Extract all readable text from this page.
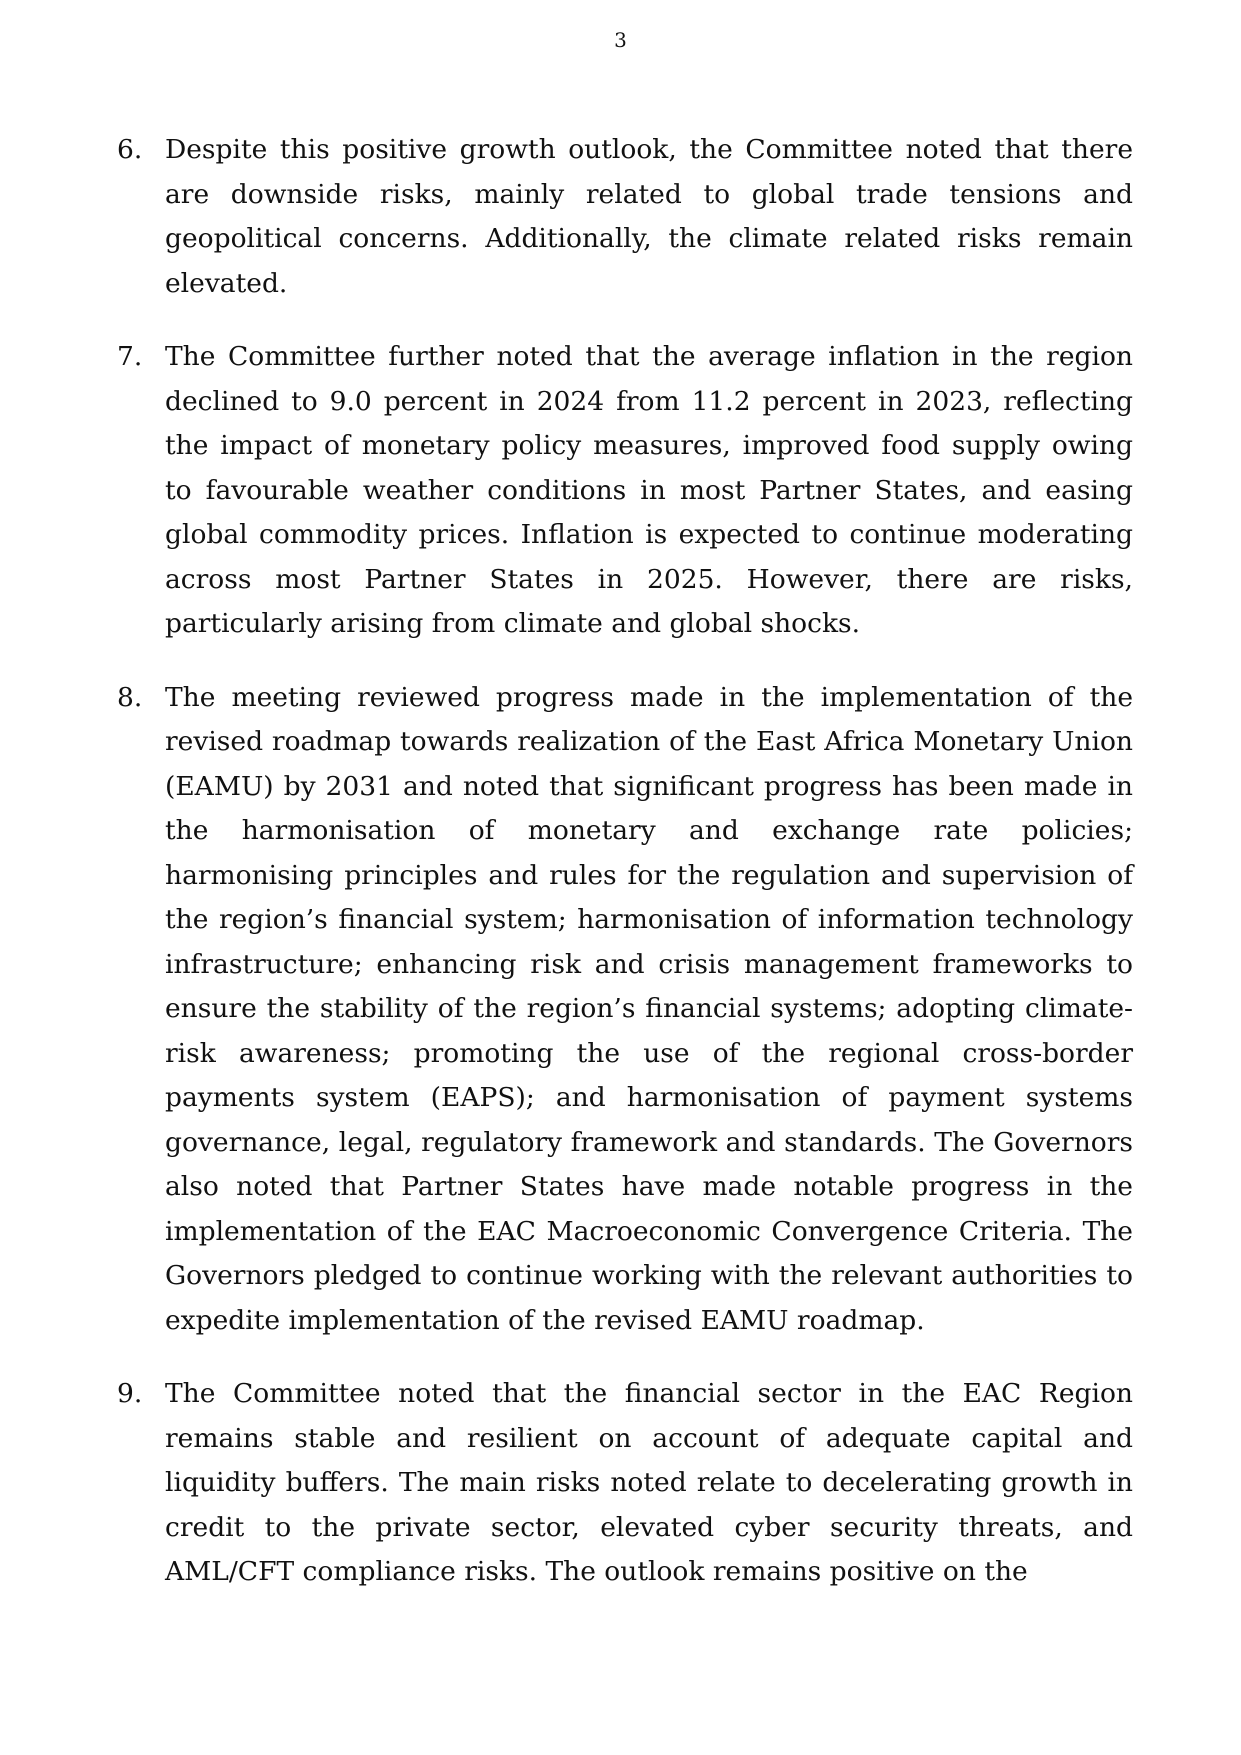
3
6. Despite this positive growth outlook, the Committee noted that there are downside risks, mainly related to global trade tensions and geopolitical concerns. Additionally, the climate related risks remain elevated.
7. The Committee further noted that the average inflation in the region declined to 9.0 percent in 2024 from 11.2 percent in 2023, reflecting the impact of monetary policy measures, improved food supply owing to favourable weather conditions in most Partner States, and easing global commodity prices. Inflation is expected to continue moderating across most Partner States in 2025. However, there are risks, particularly arising from climate and global shocks.
8. The meeting reviewed progress made in the implementation of the revised roadmap towards realization of the East Africa Monetary Union (EAMU) by 2031 and noted that significant progress has been made in the harmonisation of monetary and exchange rate policies; harmonising principles and rules for the regulation and supervision of the region’s financial system; harmonisation of information technology infrastructure; enhancing risk and crisis management frameworks to ensure the stability of the region’s financial systems; adopting climate-risk awareness; promoting the use of the regional cross-border payments system (EAPS); and harmonisation of payment systems governance, legal, regulatory framework and standards. The Governors also noted that Partner States have made notable progress in the implementation of the EAC Macroeconomic Convergence Criteria. The Governors pledged to continue working with the relevant authorities to expedite implementation of the revised EAMU roadmap.
9. The Committee noted that the financial sector in the EAC Region remains stable and resilient on account of adequate capital and liquidity buffers. The main risks noted relate to decelerating growth in credit to the private sector, elevated cyber security threats, and AML/CFT compliance risks. The outlook remains positive on the
